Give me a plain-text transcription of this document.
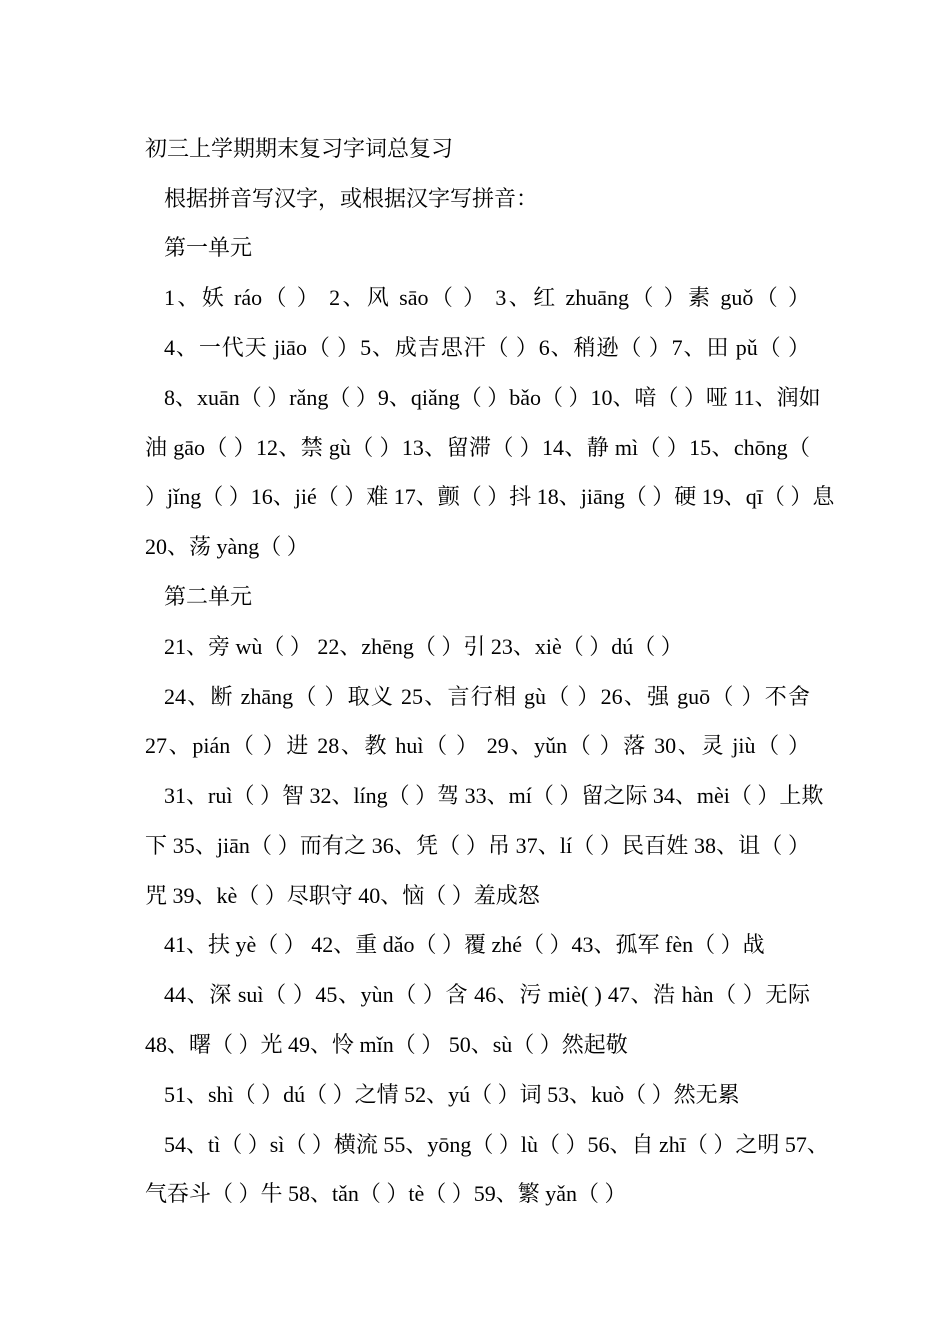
初三上学期期末复习字词总复习
根据拼音写汉字，或根据汉字写拼音：
第一单元
1、妖 ráo（ ） 2、风 sāo（ ） 3、红 zhuāng（ ）素 guǒ（ ）
4、一代天 jiāo（ ）5、成吉思汗（ ）6、稍逊（ ）7、田 pǔ（ ）
8、xuān（ ）rǎng（ ）9、qiǎng（ ）bǎo（ ）10、喑（ ）哑 11、润如
油 gāo（ ）12、禁 gù（ ）13、留滞（ ）14、静 mì（ ）15、chōng（
）jǐng（ ）16、jié（ ）难 17、颤（ ）抖 18、jiāng（ ）硬 19、qī（ ）息
20、荡 yàng（ ）
第二单元
21、旁 wù（ ） 22、zhēng（ ）引 23、xiè（ ）dú（ ）
24、断 zhāng（ ）取义 25、言行相 gù（ ）26、强 guō（ ）不舍
27、pián（ ）进 28、教 huì（ ） 29、yǔn（ ）落 30、灵 jiù（ ）
31、ruì（ ）智 32、líng（ ）驾 33、mí（ ）留之际 34、mèi（ ）上欺
下 35、jiān（ ）而有之 36、凭（ ）吊 37、lí（ ）民百姓 38、诅（ ）
咒 39、kè（ ）尽职守 40、恼（ ）羞成怒
41、扶 yè（ ） 42、重 dǎo（ ）覆 zhé（ ）43、孤军 fèn（ ）战
44、深 suì（ ）45、yùn（ ）含 46、污 miè( ) 47、浩 hàn（ ）无际
48、曙（ ）光 49、怜 mǐn（ ） 50、sù（ ）然起敬
51、shì（ ）dú（ ）之情 52、yú（ ）词 53、kuò（ ）然无累
54、tì（ ）sì（ ）横流 55、yōng（ ）lù（ ）56、自 zhī（ ）之明 57、
气吞斗（ ）牛 58、tǎn（ ）tè（ ）59、繁 yǎn（ ）
